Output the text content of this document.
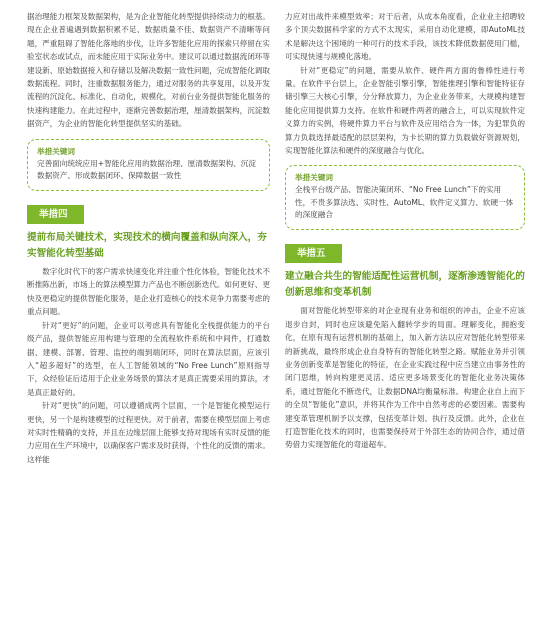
据治理能力框架及数据架构，是为企业智能化转型提供持续动力的根基。现在企业普遍遇到数据积累不足、数据质量不佳、数据资产不清晰等问题，严重阻碍了智能化落地的步伐，让许多智能化应用的探索只停留在实验室状态或试点，而未能应用于实际业务中。建议可以通过数据流闭环等建设新、原始数据接入和存储以及解决数据一致性问题，完成智能化调取数据流程。同时，注重数据服务能力，通过对服务的共享复用，以及开发流程的沉淀化、标准化、自动化，规模化，对前台业务提供智能化服务的快速构建能力。在此过程中，逐渐完善数据治理，厘清数据架构，沉淀数据资产，为企业的智能化转型提供坚实的基础。

举措关键词
完善面向统统应用+智能化应用的数据治理、厘清数据架构、沉淀数据资产、形成数据闭环、保障数据一致性
举措四
提前布局关键技术，实现技术的横向覆盖和纵向深入，夯实智能化转型基础

数字化时代下的客户需求快速变化并注重个性化体验，智能化技术不断推陈出新，市场上的算法模型算力产品也不断创新迭代。如何更好、更快及更稳定的提供智能化服务，是企业打造核心的技术竞争力需要考虑的重点问题。

针对“更好”的问题，企业可以考虑具有智能化全栈提供能力的平台级产品，提供智能应用构建与管理的全流程软件系统和中间件，打通数据、建模、部署、管理、监控的端到端闭环，同时在算法层面，应该引入“超多超好”的选型，在人工智能领域的“No Free Lunch”原则指导下，众经验证后适用于企业业务场景的算法才是真正需要采用的算法，才是真正最好的。

针对“更快”的问题，可以遵循成两个层面，一个是智能化模型运行更快，另一个是构建模型的过程更快。对于前者，需要在模型层面上考虑对实时性精确的支持，并且在边缘层面上能够支持对现场有实时反馈的能力应用在生产环境中，以确保客户需求及时获得，个性化的反馈的需求。这样能

力应对出战件来模型效率；对于后者，从成本角度看，企业业主招聘较多个顶尖数据科学家的方式不太现实，采用自动化建模，即AutoML技术是解决这个困境的一种可行的技术手段，该技术降低数据使用门槛，可实现快速与规模化落地。

针对“更稳定”的问题，需要从软件、硬件两方面的鲁棒性进行考量。在软件平台层上，企业智能引擎引擎，智能推理引擎和智能特征存储引擎三大核心引擎，分分释放算力，为企业业务带来，大规模构建智能化应用提供算力支持。在软件和硬件两者的融合上，可以实现软件定义算力的实例，将硬件算力平台与软件及应用结合为一体，为犯罪负的算力负载选择最适配的层层架构，为卡长期的算力负载做好资源规划，实现智能化算法和硬件的深度融合与优化。

举措关键词
全栈平台级产品、智能决策闭环、“No Free Lunch”下的实用性，不贵多算法选、实时性、AutoML、软件定义算力、软硬一体的深度融合
举措五
建立融合共生的智能适配性运营机制，逐渐渗透智能化的创新思维和变革机制

面对智能化转型带来的对企业现有业务和组织的冲击，企业不应该退步自封，同时也应该避免陷入翻转学步的局面。理解变化，拥抱变化，在原有现有运营机制的基础上，加入新方法以应对智能化转型带来的新挑战，最终形成企业自身特有的智能化转型之路。赋能业务并引领业务创新变革是智能化的特征，在企业实践过程中应当建立由事务性的闭门思维，转向构建更灵活、适应更多场景变化的智能化业务决策体系，通过智能化不断迭代，让数据DNA均衡量标准。构建企业自上而下的全员“智能化”意识，并将其作为工作中自然考虑的必要因素。需要构建变革管理机制予以支撑，包括变革计划、执行及反馈。此外，企业在打造智能化技术的同时，也需要保持对于外部生态的协同合作，通过借势借力实现智能化的弯道超车。
